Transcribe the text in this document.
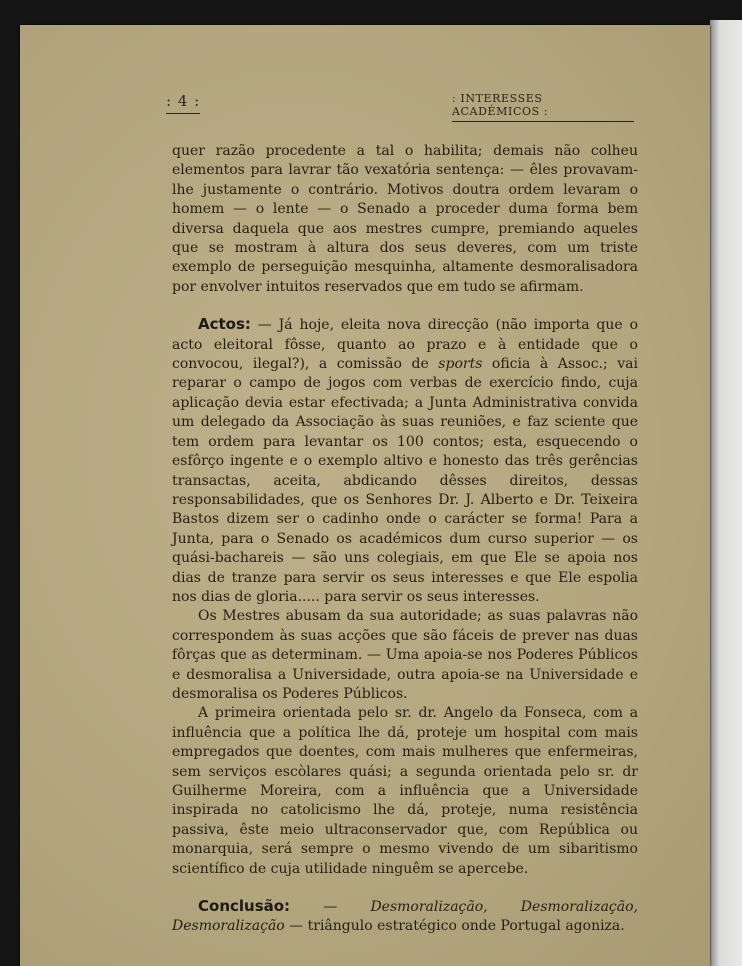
: 4 :	: INTERESSES ACADÉMICOS :

quer razão procedente a tal o habilita; demais não colheu elementos para lavrar tão vexatória sentença: — êles provavam-lhe justamente o contrário. Motivos doutra ordem levaram o homem — o lente — o Senado a proceder duma forma bem diversa daquela que aos mestres cumpre, premiando aqueles que se mostram à altura dos seus deveres, com um triste exemplo de perseguição mesquinha, altamente desmoralisadora por envolver intuitos reservados que em tudo se afirmam.

Actos: — Já hoje, eleita nova direcção (não importa que o acto eleitoral fôsse, quanto ao prazo e à entidade que o convocou, ilegal?), a comissão de sports oficia à Assoc.; vai reparar o campo de jogos com verbas de exercício findo, cuja aplicação devia estar efectivada; a Junta Administrativa convida um delegado da Associação às suas reuniões, e faz sciente que tem ordem para levantar os 100 contos; esta, esquecendo o esfôrço ingente e o exemplo altivo e honesto das três gerências transactas, aceita, abdicando dêsses direitos, dessas responsabilidades, que os Senhores Dr. J. Alberto e Dr. Teixeira Bastos dizem ser o cadinho onde o carácter se forma! Para a Junta, para o Senado os académicos dum curso superior — os quási-bachareis — são uns colegiais, em que Ele se apoia nos dias de tranze para servir os seus interesses e que Ele espolia nos dias de gloria..... para servir os seus interesses.

Os Mestres abusam da sua autoridade; as suas palavras não correspondem às suas acções que são fáceis de prever nas duas fôrças que as determinam. — Uma apoia-se nos Poderes Públicos e desmoralisa a Universidade, outra apoia-se na Universidade e desmoralisa os Poderes Públicos.

A primeira orientada pelo sr. dr. Angelo da Fonseca, com a influência que a política lhe dá, proteje um hospital com mais empregados que doentes, com mais mulheres que enfermeiras, sem serviços escòlares quási; a segunda orientada pelo sr. dr Guilherme Moreira, com a influência que a Universidade inspirada no catolicismo lhe dá, proteje, numa resistência passiva, êste meio ultraconservador que, com República ou monarquia, será sempre o mesmo vivendo de um sibaritismo scientífico de cuja utilidade ninguêm se apercebe.

Conclusão: — Desmoralização, Desmoralização, Desmoralização — triângulo estratégico onde Portugal agoniza.
